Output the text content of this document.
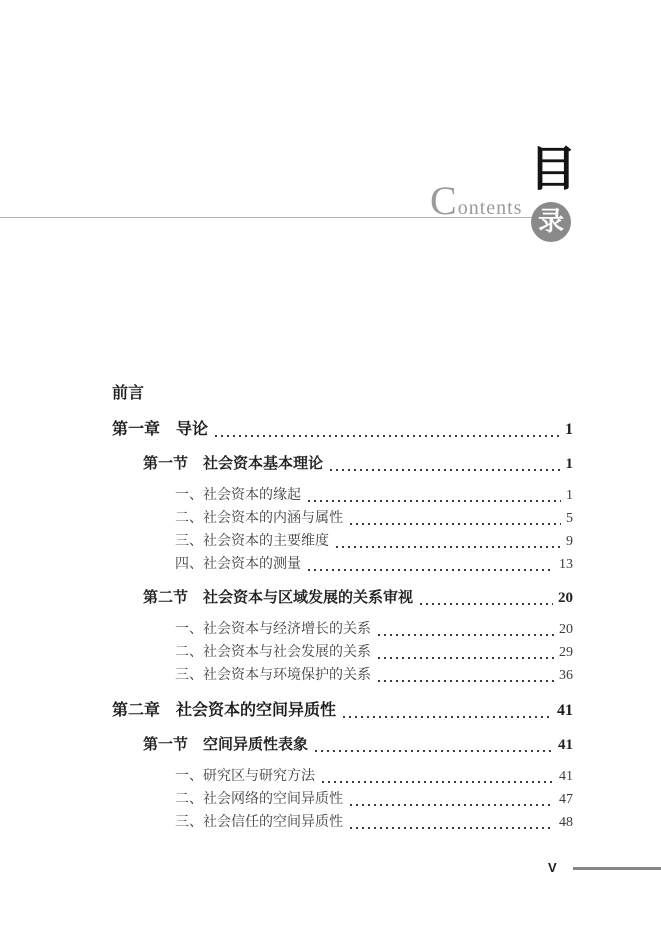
C ontents
目
录
前言
第一章　导论	1
第一节　社会资本基本理论	1
一、社会资本的缘起	1
二、社会资本的内涵与属性	5
三、社会资本的主要维度	9
四、社会资本的测量	13
第二节　社会资本与区域发展的关系审视	20
一、社会资本与经济增长的关系	20
二、社会资本与社会发展的关系	29
三、社会资本与环境保护的关系	36
第二章　社会资本的空间异质性	41
第一节　空间异质性表象	41
一、研究区与研究方法	41
二、社会网络的空间异质性	47
三、社会信任的空间异质性	48
V
